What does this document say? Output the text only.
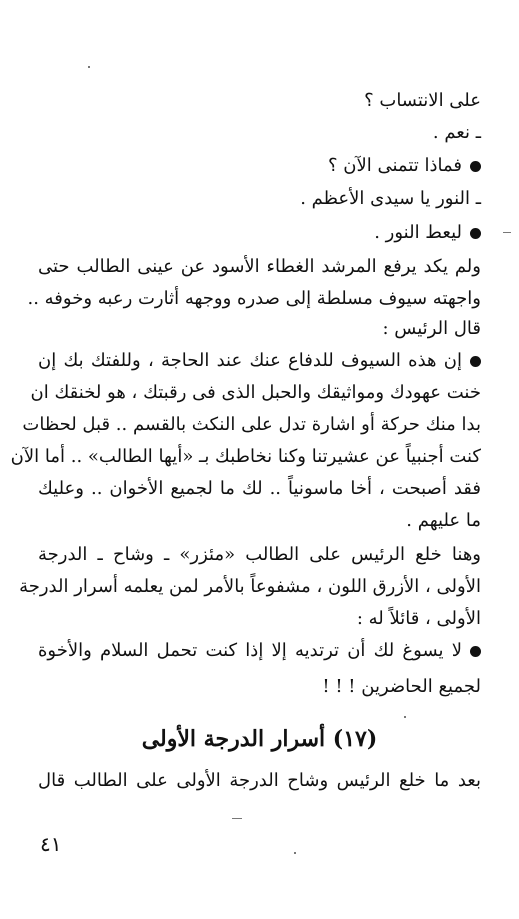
على الانتساب ؟
ـ نعم .
فماذا تتمنى الآن ؟
ـ النور يا سيدى الأعظم .
ليعط النور .
ولم يكد يرفع المرشد الغطاء الأسود عن عينى الطالب حتى
واجهته سيوف مسلطة إلى صدره ووجهه أثارت رعبه وخوفه ..
قال الرئيس :
إن هذه السيوف للدفاع عنك عند الحاجة ، وللفتك بك إن
خنت عهودك ومواثيقك والحبل الذى فى رقبتك ، هو لخنقك ان
بدا منك حركة أو اشارة تدل على النكث بالقسم .. قبل لحظات
كنت أجنبياً عن عشيرتنا وكنا نخاطبك بـ «أيها الطالب» .. أما الآن
فقد أصبحت ، أخا ماسونياً .. لك ما لجميع الأخوان .. وعليك
ما عليهم .
وهنا خلع الرئيس على الطالب «مئزر» ـ وشاح ـ الدرجة
الأولى ، الأزرق اللون ، مشفوعاً بالأمر لمن يعلمه أسرار الدرجة
الأولى ، قائلاً له :
لا يسوغ لك أن ترتديه إلا إذا كنت تحمل السلام والأخوة
لجميع الحاضرين ! ! !
(١٧) أسرار الدرجة الأولى
بعد ما خلع الرئيس وشاح الدرجة الأولى على الطالب قال
٤١
